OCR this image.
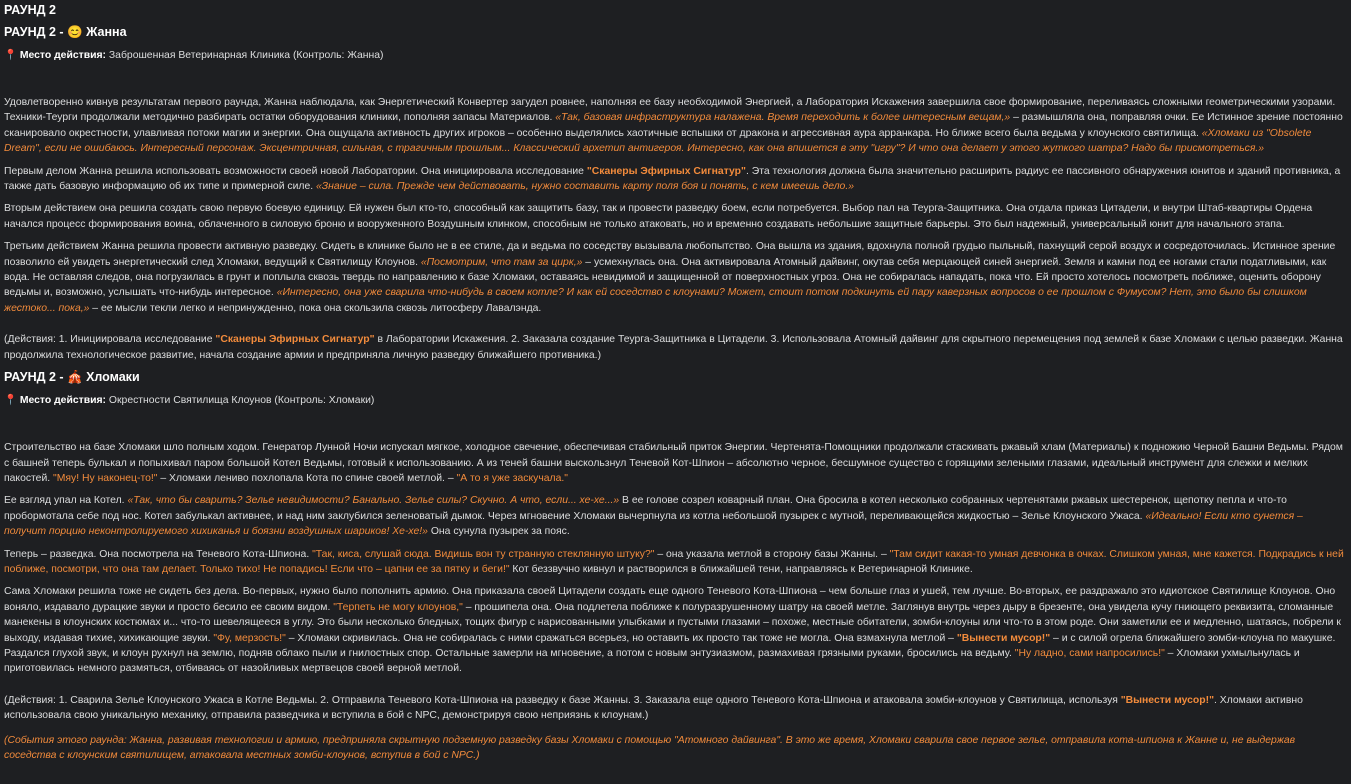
РАУНД 2
РАУНД 2 - 😊 Жанна
📍 Место действия: Заброшенная Ветеринарная Клиника (Контроль: Жанна)

Удовлетворенно кивнув результатам первого раунда, Жанна наблюдала, как Энергетический Конвертер загудел ровнее, наполняя ее базу необходимой Энергией, а Лаборатория Искажения завершила свое формирование, переливаясь сложными геометрическими узорами. Техники-Теурги продолжали методично разбирать остатки оборудования клиники, пополняя запасы Материалов. «Так, базовая инфраструктура налажена. Время переходить к более интересным вещам,» – размышляла она, поправляя очки. Ее Истинное зрение постоянно сканировало окрестности, улавливая потоки магии и энергии. Она ощущала активность других игроков – особенно выделялись хаотичные вспышки от дракона и агрессивная аура арранкара. Но ближе всего была ведьма у клоунского святилища. «Хломаки из "Obsolete Dream", если не ошибаюсь. Интересный персонаж. Эксцентричная, сильная, с трагичным прошлым... Классический архетип антигероя. Интересно, как она впишется в эту "игру"? И что она делает у этого жуткого шатра? Надо бы присмотреться.»

Первым делом Жанна решила использовать возможности своей новой Лаборатории. Она инициировала исследование "Сканеры Эфирных Сигнатур". Эта технология должна была значительно расширить радиус ее пассивного обнаружения юнитов и зданий противника, а также дать базовую информацию об их типе и примерной силе. «Знание – сила. Прежде чем действовать, нужно составить карту поля боя и понять, с кем имеешь дело.»

Вторым действием она решила создать свою первую боевую единицу. Ей нужен был кто-то, способный как защитить базу, так и провести разведку боем, если потребуется. Выбор пал на Теурга-Защитника. Она отдала приказ Цитадели, и внутри Штаб-квартиры Ордена начался процесс формирования воина, облаченного в силовую броню и вооруженного Воздушным клинком, способным не только атаковать, но и временно создавать небольшие защитные барьеры. Это был надежный, универсальный юнит для начального этапа.

Третьим действием Жанна решила провести активную разведку. Сидеть в клинике было не в ее стиле, да и ведьма по соседству вызывала любопытство. Она вышла из здания, вдохнула полной грудью пыльный, пахнущий серой воздух и сосредоточилась. Истинное зрение позволило ей увидеть энергетический след Хломаки, ведущий к Святилищу Клоунов. «Посмотрим, что там за цирк,» – усмехнулась она. Она активировала Атомный дайвинг, окутав себя мерцающей синей энергией. Земля и камни под ее ногами стали податливыми, как вода. Не оставляя следов, она погрузилась в грунт и поплыла сквозь твердь по направлению к базе Хломаки, оставаясь невидимой и защищенной от поверхностных угроз. Она не собиралась нападать, пока что. Ей просто хотелось посмотреть поближе, оценить оборону ведьмы и, возможно, услышать что-нибудь интересное. «Интересно, она уже сварила что-нибудь в своем котле? И как ей соседство с клоунами? Может, стоит потом подкинуть ей пару каверзных вопросов о ее прошлом с Фумусом? Нет, это было бы слишком жестоко... пока,» – ее мысли текли легко и непринужденно, пока она скользила сквозь литосферу Лавалэнда.

(Действия: 1. Инициировала исследование "Сканеры Эфирных Сигнатур" в Лаборатории Искажения. 2. Заказала создание Теурга-Защитника в Цитадели. 3. Использовала Атомный дайвинг для скрытного перемещения под землей к базе Хломаки с целью разведки. Жанна продолжила технологическое развитие, начала создание армии и предприняла личную разведку ближайшего противника.)

РАУНД 2 - 🎪 Хломаки
📍 Место действия: Окрестности Святилища Клоунов (Контроль: Хломаки)

Строительство на базе Хломаки шло полным ходом. Генератор Лунной Ночи испускал мягкое, холодное свечение, обеспечивая стабильный приток Энергии. Чертенята-Помощники продолжали стаскивать ржавый хлам (Материалы) к подножию Черной Башни Ведьмы. Рядом с башней теперь булькал и попыхивал паром большой Котел Ведьмы, готовый к использованию. А из теней башни выскользнул Теневой Кот-Шпион – абсолютно черное, бесшумное существо с горящими зелеными глазами, идеальный инструмент для слежки и мелких пакостей. "Мяу! Ну наконец-то!" – Хломаки лениво похлопала Кота по спине своей метлой. – "А то я уже заскучала."

Ее взгляд упал на Котел. «Так, что бы сварить? Зелье невидимости? Банально. Зелье силы? Скучно. А что, если... хе-хе...» В ее голове созрел коварный план. Она бросила в котел несколько собранных чертенятами ржавых шестеренок, щепотку пепла и что-то пробормотала себе под нос. Котел забулькал активнее, и над ним заклубился зеленоватый дымок. Через мгновение Хломаки вычерпнула из котла небольшой пузырек с мутной, переливающейся жидкостью – Зелье Клоунского Ужаса. «Идеально! Если кто сунется – получит порцию неконтролируемого хихиканья и боязни воздушных шариков! Хе-хе!» Она сунула пузырек за пояс.

Теперь – разведка. Она посмотрела на Теневого Кота-Шпиона. "Так, киса, слушай сюда. Видишь вон ту странную стеклянную штуку?" – она указала метлой в сторону базы Жанны. – "Там сидит какая-то умная девчонка в очках. Слишком умная, мне кажется. Подкрадись к ней поближе, посмотри, что она там делает. Только тихо! Не попадись! Если что – цапни ее за пятку и беги!" Кот беззвучно кивнул и растворился в ближайшей тени, направляясь к Ветеринарной Клинике.

Сама Хломаки решила тоже не сидеть без дела. Во-первых, нужно было пополнить армию. Она приказала своей Цитадели создать еще одного Теневого Кота-Шпиона – чем больше глаз и ушей, тем лучше. Во-вторых, ее раздражало это идиотское Святилище Клоунов. Оно воняло, издавало дурацкие звуки и просто бесило ее своим видом. "Терпеть не могу клоунов," – прошипела она. Она подлетела поближе к полуразрушенному шатру на своей метле. Заглянув внутрь через дыру в брезенте, она увидела кучу гниющего реквизита, сломанные манекены в клоунских костюмах и... что-то шевелящееся в углу. Это были несколько бледных, тощих фигур с нарисованными улыбками и пустыми глазами – похоже, местные обитатели, зомби-клоуны или что-то в этом роде. Они заметили ее и медленно, шатаясь, побрели к выходу, издавая тихие, хихикающие звуки. "Фу, мерзость!" – Хломаки скривилась. Она не собиралась с ними сражаться всерьез, но оставить их просто так тоже не могла. Она взмахнула метлой – "Вынести мусор!" – и с силой огрела ближайшего зомби-клоуна по макушке. Раздался глухой звук, и клоун рухнул на землю, подняв облако пыли и гнилостных спор. Остальные замерли на мгновение, а потом с новым энтузиазмом, размахивая грязными руками, бросились на ведьму. "Ну ладно, сами напросились!" – Хломаки ухмыльнулась и приготовилась немного размяться, отбиваясь от назойливых мертвецов своей верной метлой.

(Действия: 1. Сварила Зелье Клоунского Ужаса в Котле Ведьмы. 2. Отправила Теневого Кота-Шпиона на разведку к базе Жанны. 3. Заказала еще одного Теневого Кота-Шпиона и атаковала зомби-клоунов у Святилища, используя "Вынести мусор!". Хломаки активно использовала свою уникальную механику, отправила разведчика и вступила в бой с NPC, демонстрируя свою неприязнь к клоунам.)

(События этого раунда: Жанна, развивая технологии и армию, предприняла скрытную подземную разведку базы Хломаки с помощью "Атомного дайвинга". В это же время, Хломаки сварила свое первое зелье, отправила кота-шпиона к Жанне и, не выдержав соседства с клоунским святилищем, атаковала местных зомби-клоунов, вступив в бой с NPC.)
